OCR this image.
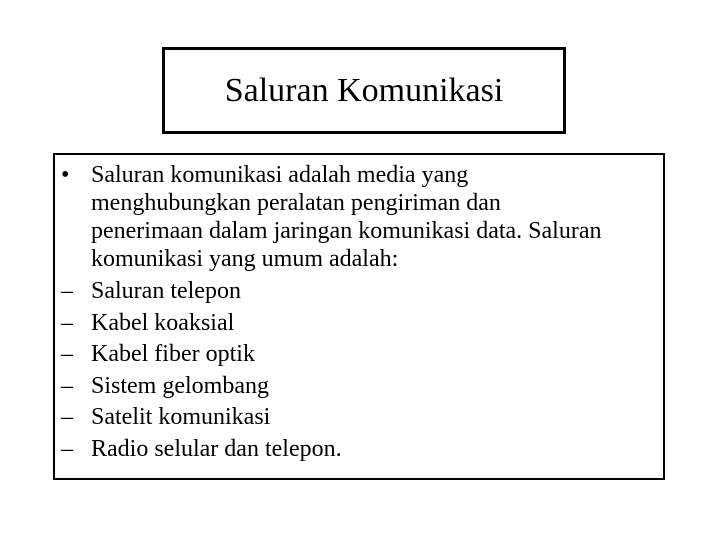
Saluran Komunikasi
• Saluran komunikasi adalah media yang
menghubungkan peralatan pengiriman dan
penerimaan dalam jaringan komunikasi data. Saluran
komunikasi yang umum adalah:
– Saluran telepon
– Kabel koaksial
– Kabel fiber optik
– Sistem gelombang
– Satelit komunikasi
– Radio selular dan telepon.
